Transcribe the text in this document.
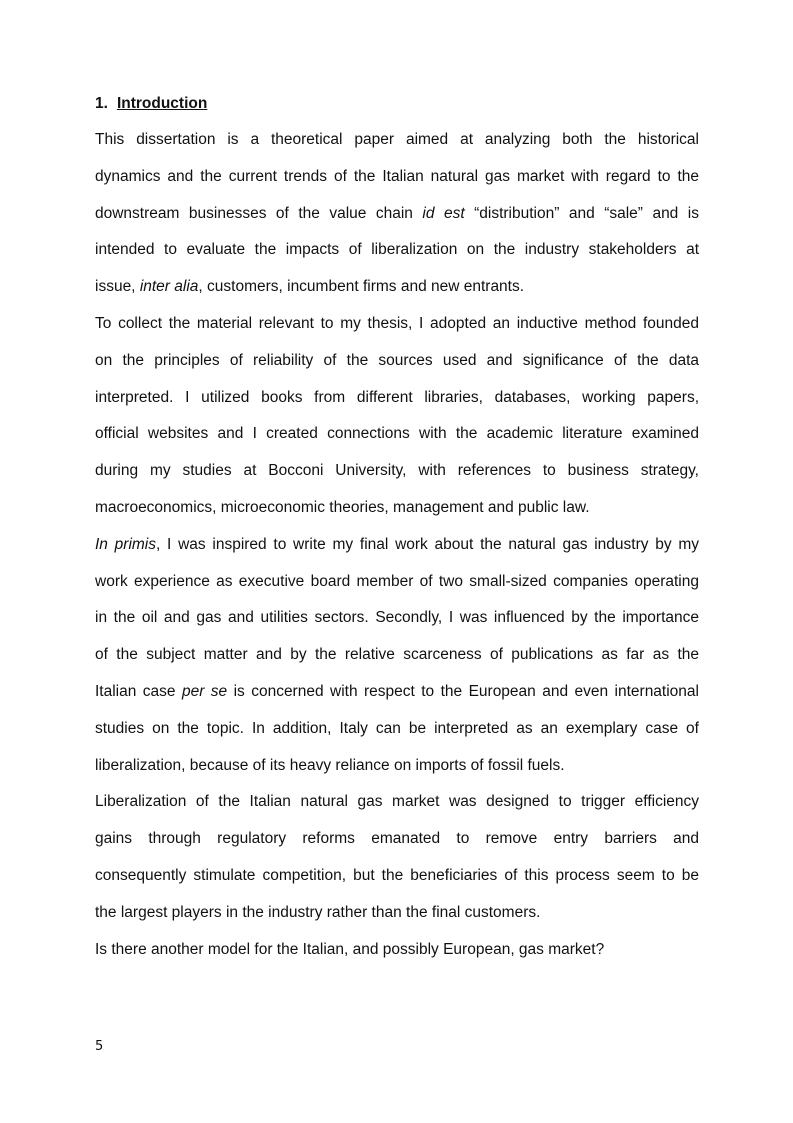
1. Introduction
This dissertation is a theoretical paper aimed at analyzing both the historical
dynamics and the current trends of the Italian natural gas market with regard to the
downstream businesses of the value chain id est “distribution” and “sale” and is
intended to evaluate the impacts of liberalization on the industry stakeholders at
issue, inter alia, customers, incumbent firms and new entrants.
To collect the material relevant to my thesis, I adopted an inductive method founded
on the principles of reliability of the sources used and significance of the data
interpreted. I utilized books from different libraries, databases, working papers,
official websites and I created connections with the academic literature examined
during my studies at Bocconi University, with references to business strategy,
macroeconomics, microeconomic theories, management and public law.
In primis, I was inspired to write my final work about the natural gas industry by my
work experience as executive board member of two small-sized companies operating
in the oil and gas and utilities sectors. Secondly, I was influenced by the importance
of the subject matter and by the relative scarceness of publications as far as the
Italian case per se is concerned with respect to the European and even international
studies on the topic. In addition, Italy can be interpreted as an exemplary case of
liberalization, because of its heavy reliance on imports of fossil fuels.
Liberalization of the Italian natural gas market was designed to trigger efficiency
gains through regulatory reforms emanated to remove entry barriers and
consequently stimulate competition, but the beneficiaries of this process seem to be
the largest players in the industry rather than the final customers.
Is there another model for the Italian, and possibly European, gas market?
5
